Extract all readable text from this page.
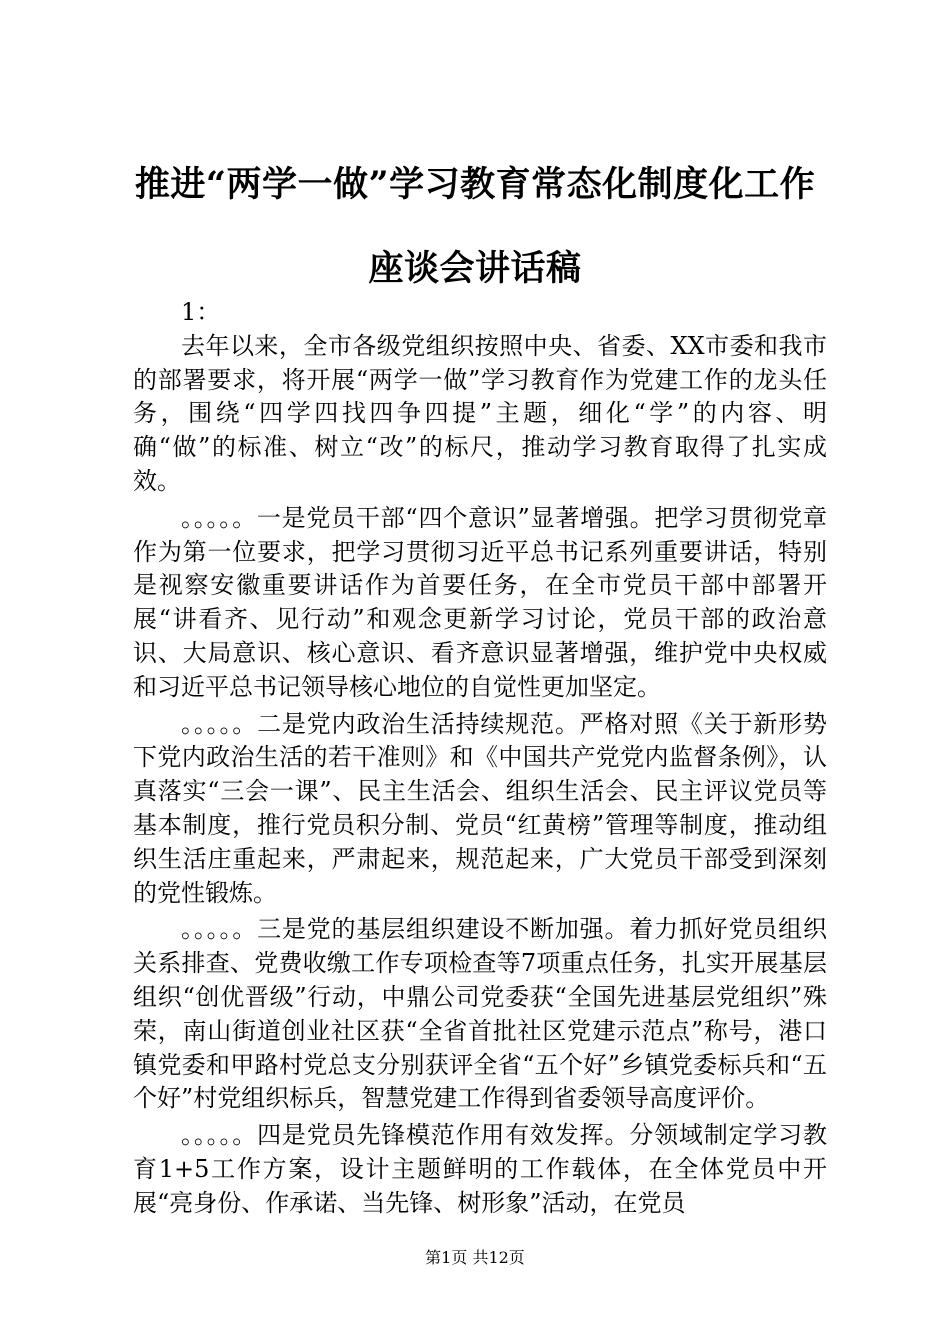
推进“两学一做”学习教育常态化制度化工作
座谈会讲话稿

1：

去年以来，全市各级党组织按照中央、省委、XX市委和我市的部署要求，将开展“两学一做”学习教育作为党建工作的龙头任务，围绕“四学四找四争四提”主题，细化“学”的内容、明确“做”的标准、树立“改”的标尺，推动学习教育取得了扎实成效。

。。。。。一是党员干部“四个意识”显著增强。把学习贯彻党章作为第一位要求，把学习贯彻习近平总书记系列重要讲话，特别是视察安徽重要讲话作为首要任务，在全市党员干部中部署开展“讲看齐、见行动”和观念更新学习讨论，党员干部的政治意识、大局意识、核心意识、看齐意识显著增强，维护党中央权威和习近平总书记领导核心地位的自觉性更加坚定。

。。。。。二是党内政治生活持续规范。严格对照《关于新形势下党内政治生活的若干准则》和《中国共产党党内监督条例》，认真落实“三会一课”、民主生活会、组织生活会、民主评议党员等基本制度，推行党员积分制、党员“红黄榜”管理等制度，推动组织生活庄重起来，严肃起来，规范起来，广大党员干部受到深刻的党性锻炼。

。。。。。三是党的基层组织建设不断加强。着力抓好党员组织关系排查、党费收缴工作专项检查等7项重点任务，扎实开展基层组织“创优晋级”行动，中鼎公司党委获“全国先进基层党组织”殊荣，南山街道创业社区获“全省首批社区党建示范点”称号，港口镇党委和甲路村党总支分别获评全省“五个好”乡镇党委标兵和“五个好”村党组织标兵，智慧党建工作得到省委领导高度评价。

。。。。。四是党员先锋模范作用有效发挥。分领域制定学习教育1+5工作方案，设计主题鲜明的工作载体，在全体党员中开展“亮身份、作承诺、当先锋、树形象”活动，在党员

第1页 共12页
